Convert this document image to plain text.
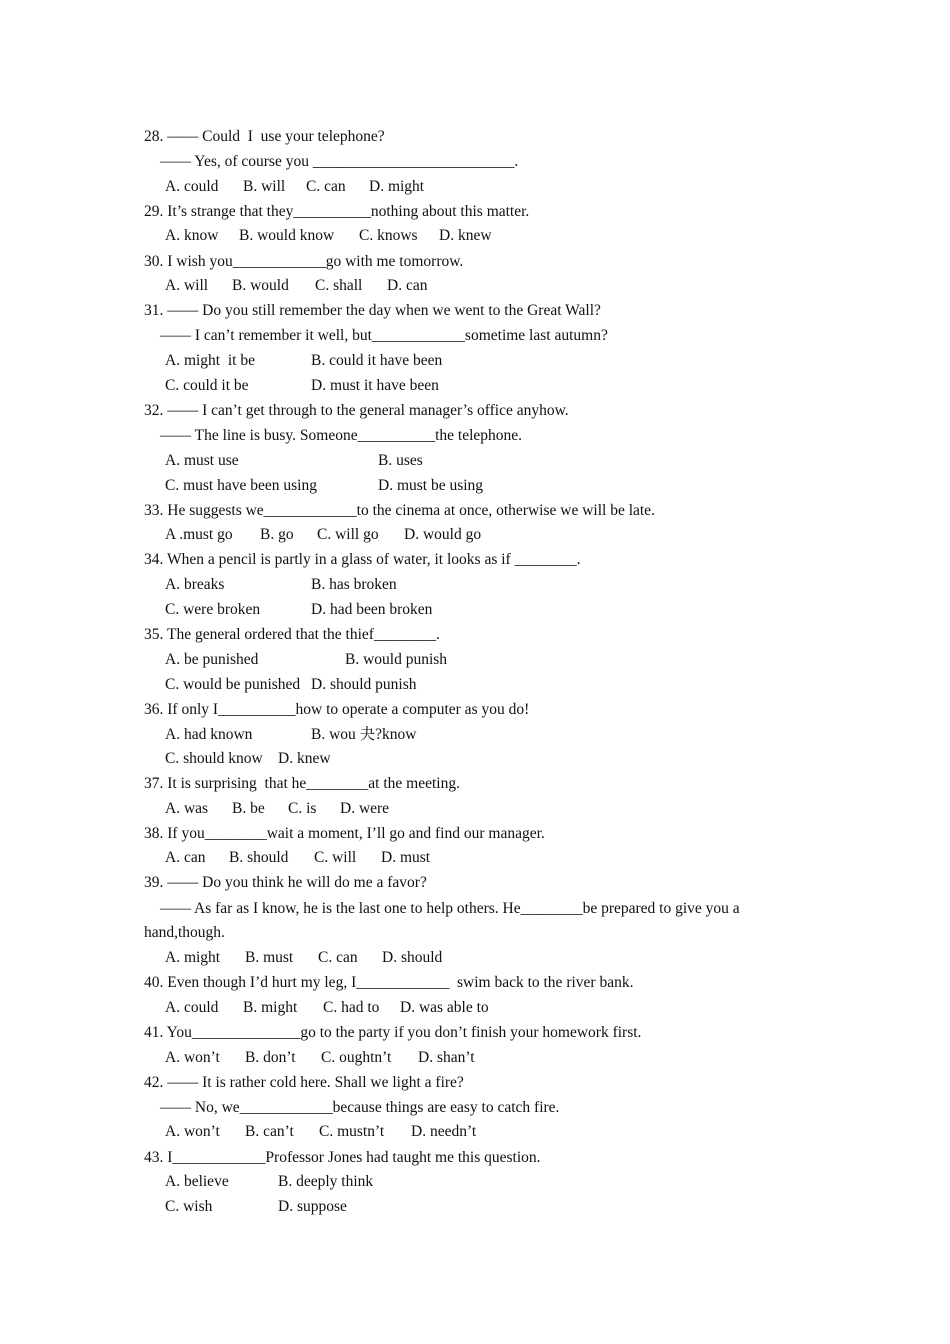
28. —— Could  I  use your telephone?
—— Yes, of course you __________________________.
A. could B. will C. can D. might
29. It’s strange that they__________nothing about this matter.
A. know B. would know C. knows D. knew
30. I wish you____________go with me tomorrow.
A. will B. would C. shall D. can
31. —— Do you still remember the day when we went to the Great Wall?
—— I can’t remember it well, but____________sometime last autumn?
A. might  it be	B. could it have been
C. could it be	D. must it have been
32. —— I can’t get through to the general manager’s office anyhow.
—— The line is busy. Someone__________the telephone.
A. must use	B. uses
C. must have been using	D. must be using
33. He suggests we____________to the cinema at once, otherwise we will be late.
A .must go B. go C. will go D. would go
34. When a pencil is partly in a glass of water, it looks as if ________.
A. breaks	B. has broken
C. were broken	D. had been broken
35. The general ordered that the thief________.
A. be punished	B. would punish
C. would be punished D. should punish
36. If only I__________how to operate a computer as you do!
A. had known	B. wou 夬?know
C. should know D. knew
37. It is surprising  that he________at the meeting.
A. was B. be C. is D. were
38. If you________wait a moment, I’ll go and find our manager.
A. can B. should C. will D. must
39. —— Do you think he will do me a favor?
—— As far as I know, he is the last one to help others. He________be prepared to give you a
hand,though.
A. might B. must C. can D. should
40. Even though I’d hurt my leg, I____________  swim back to the river bank.
A. could B. might C. had to D. was able to
41. You______________go to the party if you don’t finish your homework first.
A. won’t B. don’t C. oughtn’t D. shan’t
42. —— It is rather cold here. Shall we light a fire?
—— No, we____________because things are easy to catch fire.
A. won’t B. can’t C. mustn’t D. needn’t
43. I____________Professor Jones had taught me this question.
A. believe	B. deeply think
C. wish	D. suppose
